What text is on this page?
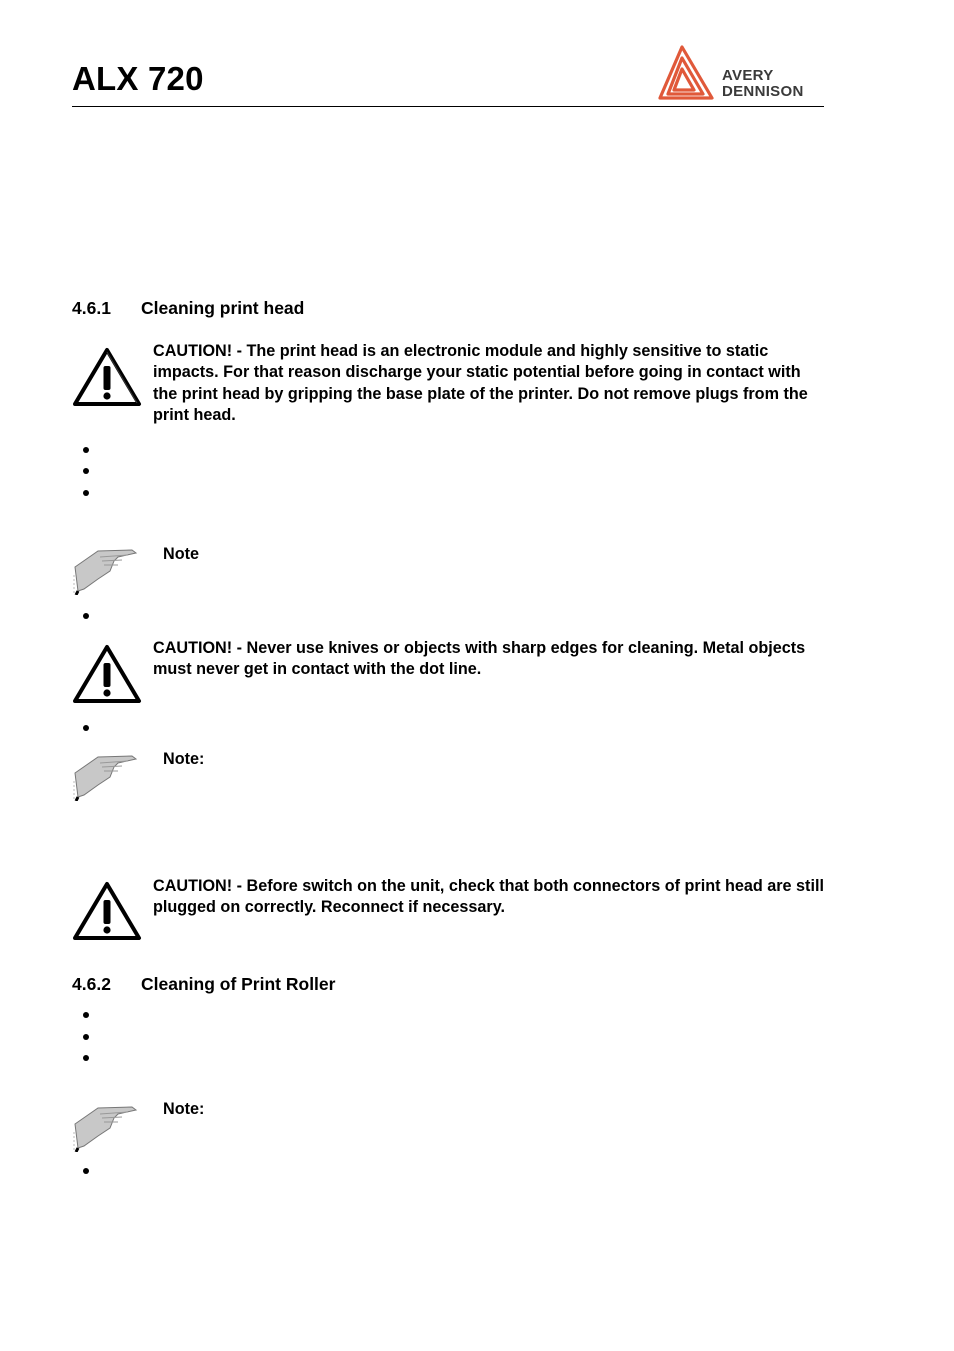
ALX 720	AVERY
DENNISON
4.6.1 Cleaning print head
CAUTION! - The print head is an electronic module and highly sensitive to static impacts. For that reason discharge your static potential before going in contact with the print head by gripping the base plate of the printer. Do not remove plugs from the print head.
Note
CAUTION! - Never use knives or objects with sharp edges for cleaning. Metal objects must never get in contact with the dot line.
Note:
CAUTION! - Before switch on the unit, check that both connectors of print head are still plugged on correctly. Reconnect if necessary.
4.6.2 Cleaning of Print Roller
Note:
